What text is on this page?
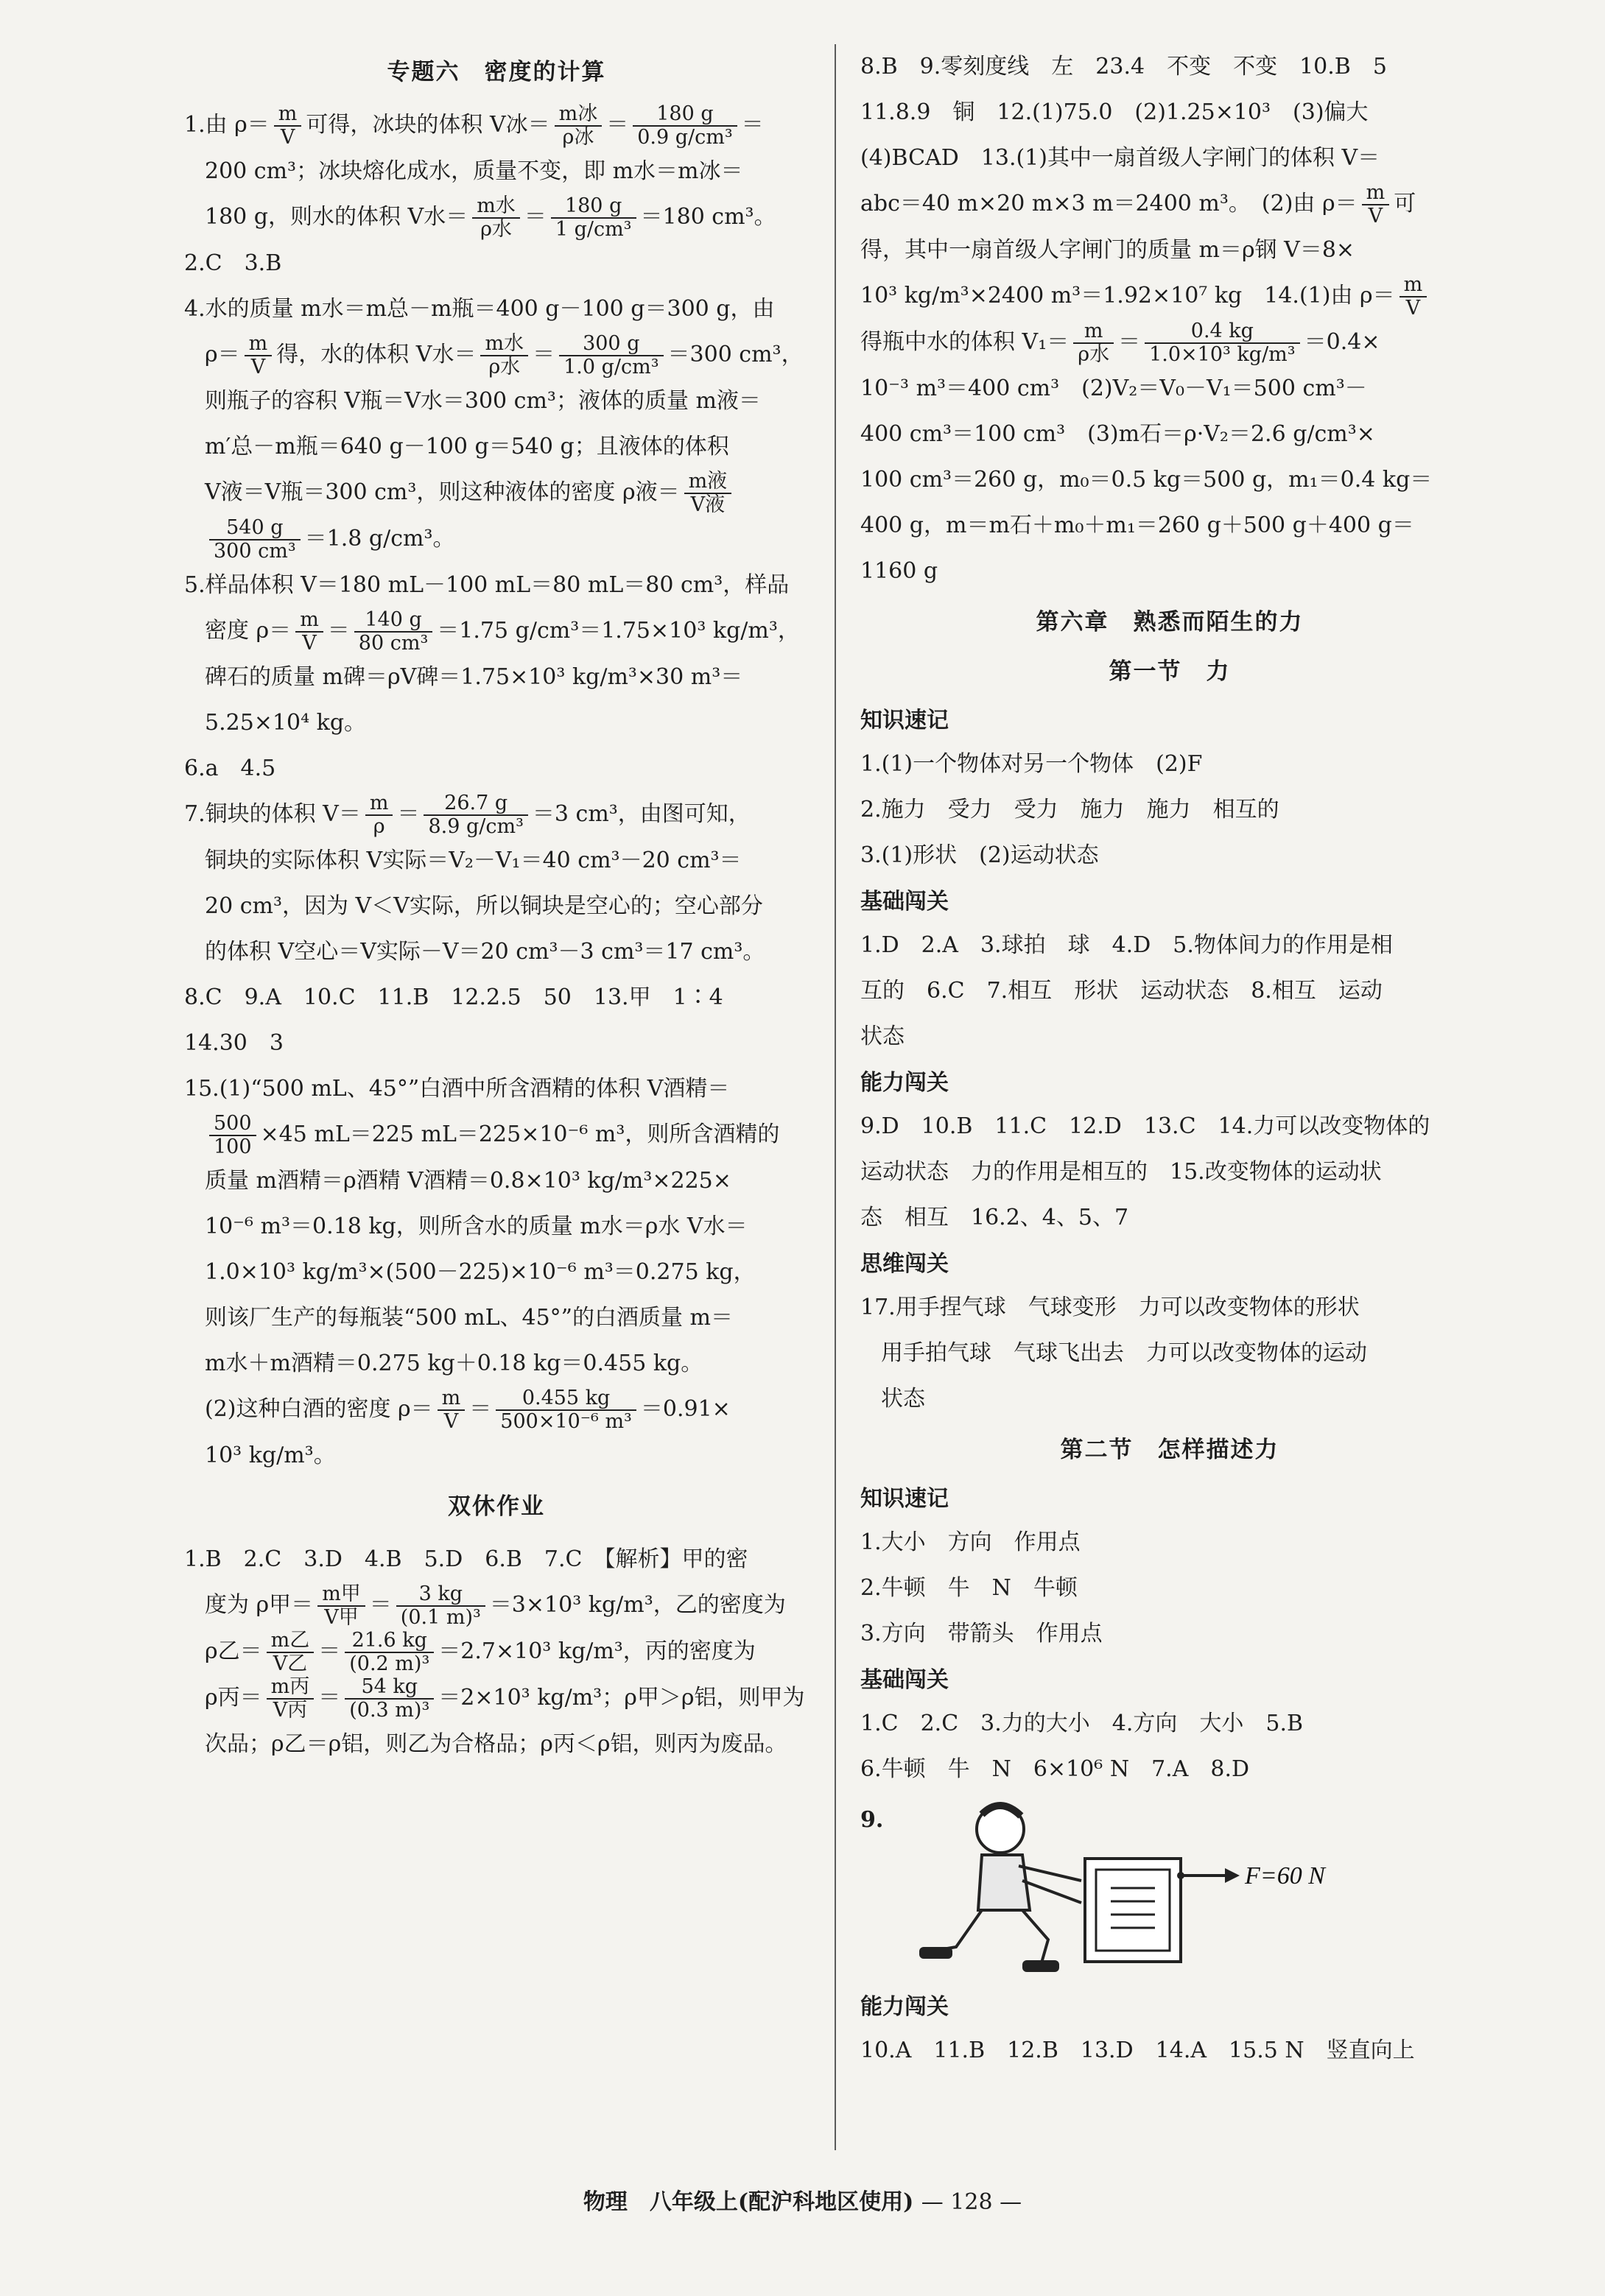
专题六　密度的计算
1.由 $\rho= \frac{m}{V}$ 可得，冰块的体积 V冰＝ $\frac{\text{m冰}}{\text{ρ冰}} = \frac{180 g}{\text{0.9 g/cm³}}$ ＝
200 cm³；冰块熔化成水，质量不变，即 m水＝m冰＝
180 g，则水的体积 V水＝ $\frac{\text{m水}}{\text{ρ水}} = \frac{180 g}{\text{1 g/cm³}} =180$ cm³。
2.C　3.B
4.水的质量 m水＝m总－m瓶＝400 g－100 g＝300 g，由
$\rho= \frac{m}{V}$ 得，水的体积 V水＝ $\frac{\text{m水}}{\text{ρ水}} = \frac{300 g}{\text{1.0 g/cm³}} =300$ cm³，
则瓶子的容积 V瓶＝V水＝300 cm³；液体的质量 m液＝
m′总－m瓶＝640 g－100 g＝540 g；且液体的体积
V液＝V瓶＝300 cm³，则这种液体的密度 ρ液＝ $\frac{\text{m液}}{\text{V液}}$
$\frac{540 g}{\text{300 cm³}} =1.8$ g/cm³。
5.样品体积 V＝180 mL－100 mL＝80 mL＝80 cm³，样品
密度 $\rho= \frac{m}{V} = \frac{140 g}{\text{80 cm³}} =1.75$ g/cm³＝1.75×10³ kg/m³，
碑石的质量 m碑＝ρV碑＝1.75×10³ kg/m³×30 m³＝
5.25×10⁴ kg。
6.a　4.5
7.铜块的体积 $V= \frac{m}{\rho} = \frac{26.7 g}{\text{8.9 g/cm³}} =3$ cm³，由图可知，
铜块的实际体积 V实际＝V₂－V₁＝40 cm³－20 cm³＝
20 cm³，因为 V＜V实际，所以铜块是空心的；空心部分
的体积 V空心＝V实际－V＝20 cm³－3 cm³＝17 cm³。
8.C　9.A　10.C　11.B　12.2.5　50　13.甲　1∶4
14.30　3
15.(1)“500 mL、45°”白酒中所含酒精的体积 V酒精＝
$\frac{500}{100} \times 45$ mL＝225 mL＝225×10⁻⁶ m³，则所含酒精的
质量 m酒精＝ρ酒精 V酒精＝0.8×10³ kg/m³×225×
10⁻⁶ m³＝0.18 kg，则所含水的质量 m水＝ρ水 V水＝
1.0×10³ kg/m³×(500－225)×10⁻⁶ m³＝0.275 kg，
则该厂生产的每瓶装“500 mL、45°”的白酒质量 m＝
m水＋m酒精＝0.275 kg＋0.18 kg＝0.455 kg。
(2)这种白酒的密度 $\rho= \frac{m}{V} = \frac{0.455 kg}{\text{500×10⁻⁶ m³}} =0.91\times$
10³ kg/m³。
双休作业
1.B　2.C　3.D　4.B　5.D　6.B　7.C　【解析】甲的密
度为 ρ甲＝ $\frac{\text{m甲}}{\text{V甲}} = \frac{3 kg}{\text{(0.1 m)³}} =3\times 10^3$ kg/m³，乙的密度为
ρ乙＝ $\frac{\text{m乙}}{\text{V乙}} = \frac{21.6 kg}{\text{(0.2 m)³}} =2.7\times 10^3$ kg/m³，丙的密度为
ρ丙＝ $\frac{\text{m丙}}{\text{V丙}} = \frac{54 kg}{\text{(0.3 m)³}} =2\times 10^3$ kg/m³；ρ甲＞ρ铝，则甲为
次品；ρ乙＝ρ铝，则乙为合格品；ρ丙＜ρ铝，则丙为废品。
8.B　9.零刻度线　左　23.4　不变　不变　10.B　5
11.8.9　铜　12.(1)75.0　(2)1.25×10³　(3)偏大
(4)BCAD　13.(1)其中一扇首级人字闸门的体积 V＝
abc＝40 m×20 m×3 m＝2400 m³。　(2)由 $\rho= \frac{m}{V}$ 可
得，其中一扇首级人字闸门的质量 m＝ρ钢 V＝8×
10³ kg/m³×2400 m³＝1.92×10⁷ kg　14.(1)由 $\rho= \frac{m}{V}$
得瓶中水的体积 $V_1= \frac{m}{\text{ρ水}} = \frac{0.4 kg}{\text{1.0×10³ kg/m³}} =0.4\times$
10⁻³ m³＝400 cm³　(2)V₂＝V₀－V₁＝500 cm³－
400 cm³＝100 cm³　(3)m石＝ρ·V₂＝2.6 g/cm³×
100 cm³＝260 g，m₀＝0.5 kg＝500 g，m₁＝0.4 kg＝
400 g，m＝m石＋m₀＋m₁＝260 g＋500 g＋400 g＝
1160 g
第六章　熟悉而陌生的力
第一节　力
知识速记
1.(1)一个物体对另一个物体　(2)F
2.施力　受力　受力　施力　施力　相互的
3.(1)形状　(2)运动状态
基础闯关
1.D　2.A　3.球拍　球　4.D　5.物体间力的作用是相
互的　6.C　7.相互　形状　运动状态　8.相互　运动
状态
能力闯关
9.D　10.B　11.C　12.D　13.C　14.力可以改变物体的
运动状态　力的作用是相互的　15.改变物体的运动状
态　相互　16.2、4、5、7
思维闯关
17.用手捏气球　气球变形　力可以改变物体的形状
用手拍气球　气球飞出去　力可以改变物体的运动
状态
第二节　怎样描述力
知识速记
1.大小　方向　作用点
2.牛顿　牛　N　牛顿
3.方向　带箭头　作用点
基础闯关
1.C　2.C　3.力的大小　4.方向　大小　5.B
6.牛顿　牛　N　6×10⁶ N　7.A　8.D
9.
F=60 N
能力闯关
10.A　11.B　12.B　13.D　14.A　15.5 N　竖直向上
物理　八年级上(配沪科地区使用) — 128 —
